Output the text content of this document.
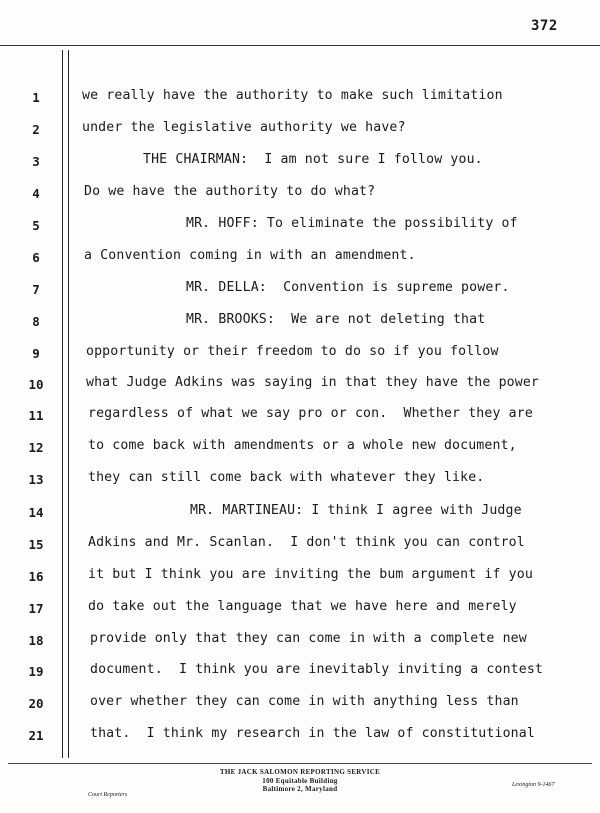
372
1
2
3
4
5
6
7
8
9
10
11
12
13
14
15
16
17
18
19
20
21
we really have the authority to make such limitation
under the legislative authority we have?
THE CHAIRMAN:  I am not sure I follow you.
Do we have the authority to do what?
MR. HOFF: To eliminate the possibility of
a Convention coming in with an amendment.
MR. DELLA:  Convention is supreme power.
MR. BROOKS:  We are not deleting that
opportunity or their freedom to do so if you follow
what Judge Adkins was saying in that they have the power
regardless of what we say pro or con.  Whether they are
to come back with amendments or a whole new document,
they can still come back with whatever they like.
MR. MARTINEAU: I think I agree with Judge
Adkins and Mr. Scanlan.  I don't think you can control
it but I think you are inviting the bum argument if you
do take out the language that we have here and merely
provide only that they can come in with a complete new
document.  I think you are inevitably inviting a contest
over whether they can come in with anything less than
that.  I think my research in the law of constitutional
THE JACK SALOMON REPORTING SERVICE
100 Equitable Building
Baltimore 2, Maryland
Court Reporters
Lexington 9-1467
